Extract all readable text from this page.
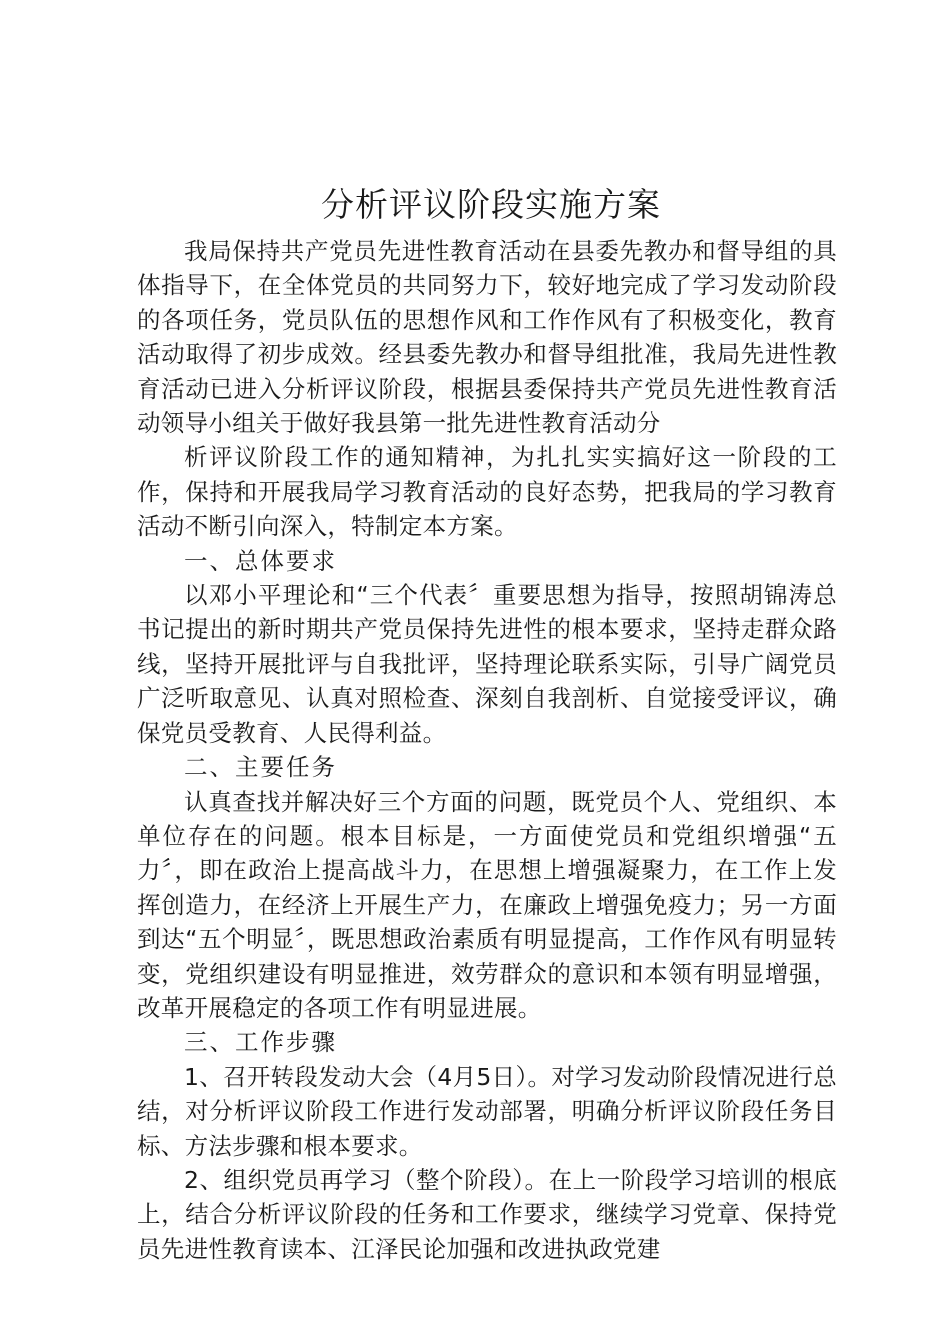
分析评议阶段实施方案

我局保持共产党员先进性教育活动在县委先教办和督导组的具体指导下，在全体党员的共同努力下，较好地完成了学习发动阶段的各项任务，党员队伍的思想作风和工作作风有了积极变化，教育活动取得了初步成效。经县委先教办和督导组批准，我局先进性教育活动已进入分析评议阶段，根据县委保持共产党员先进性教育活动领导小组关于做好我县第一批先进性教育活动分

析评议阶段工作的通知精神，为扎扎实实搞好这一阶段的工作，保持和开展我局学习教育活动的良好态势，把我局的学习教育活动不断引向深入，特制定本方案。

一、总体要求

以邓小平理论和“三个代表〞重要思想为指导，按照胡锦涛总书记提出的新时期共产党员保持先进性的根本要求，坚持走群众路线，坚持开展批评与自我批评，坚持理论联系实际，引导广阔党员广泛听取意见、认真对照检查、深刻自我剖析、自觉接受评议，确保党员受教育、人民得利益。

二、主要任务

认真查找并解决好三个方面的问题，既党员个人、党组织、本单位存在的问题。根本目标是，一方面使党员和党组织增强“五力〞，即在政治上提高战斗力，在思想上增强凝聚力，在工作上发挥创造力，在经济上开展生产力，在廉政上增强免疫力；另一方面到达“五个明显〞，既思想政治素质有明显提高，工作作风有明显转变，党组织建设有明显推进，效劳群众的意识和本领有明显增强，改革开展稳定的各项工作有明显进展。

三、工作步骤

1、召开转段发动大会（4月5日）。对学习发动阶段情况进行总结，对分析评议阶段工作进行发动部署，明确分析评议阶段任务目标、方法步骤和根本要求。

2、组织党员再学习（整个阶段）。在上一阶段学习培训的根底上，结合分析评议阶段的任务和工作要求，继续学习党章、保持党员先进性教育读本、江泽民论加强和改进执政党建
